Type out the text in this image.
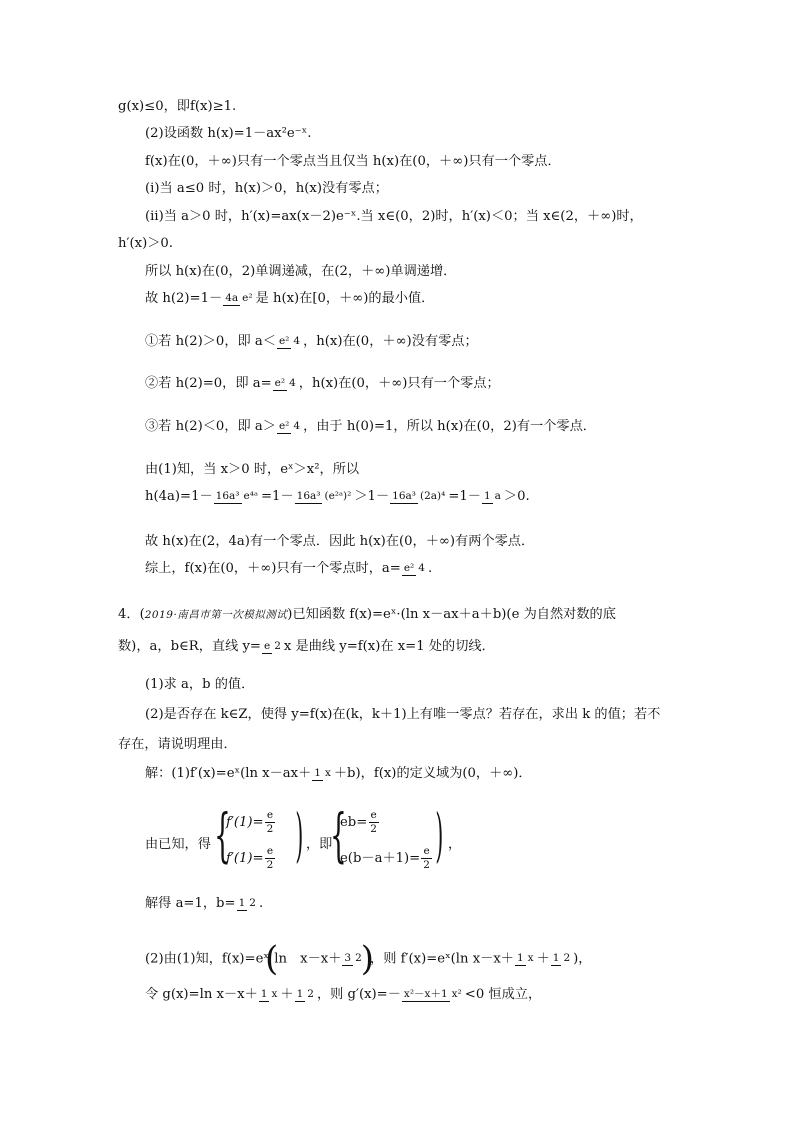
g(x)≤0，即f(x)≥1.
(2)设函数 h(x)=1－ax²e⁻ˣ.
f(x)在(0，＋∞)只有一个零点当且仅当 h(x)在(0，＋∞)只有一个零点．
(ⅰ)当 a≤0 时，h(x)＞0，h(x)没有零点；
(ⅱ)当 a＞0 时，h′(x)=ax(x－2)e⁻ˣ.当 x∈(0，2)时，h′(x)＜0；当 x∈(2，＋∞)时，
h′(x)＞0.
所以 h(x)在(0，2)单调递减，在(2，＋∞)单调递增．
故 h(2)=1－ 4a e² 是 h(x)在[0，＋∞)的最小值．
①若 h(2)＞0，即 a＜ e² 4 ，h(x)在(0，＋∞)没有零点；
②若 h(2)=0，即 a= e² 4 ，h(x)在(0，＋∞)只有一个零点；
③若 h(2)＜0，即 a＞ e² 4 ，由于 h(0)=1，所以 h(x)在(0，2)有一个零点．
由(1)知，当 x＞0 时，eˣ＞x²，所以
h(4a)=1－ 16a³ e⁴ᵃ =1－ 16a³ (e²ᵃ)² ＞1－ 16a³ (2a)⁴ =1－ 1 a ＞0.
故 h(x)在(2，4a)有一个零点．因此 h(x)在(0，＋∞)有两个零点．
综上，f(x)在(0，＋∞)只有一个零点时，a= e² 4 .
4．(2019·南昌市第一次模拟测试)已知函数 f(x)=eˣ·(ln x－ax＋a＋b)(e 为自然对数的底
数)，a，b∈R，直线 y= e 2 x 是曲线 y=f(x)在 x=1 处的切线．
(1)求 a，b 的值．
(2)是否存在 k∈Z，使得 y=f(x)在(k，k＋1)上有唯一零点？若存在，求出 k 的值；若不
存在，请说明理由．
解：(1)f′(x)=eˣ(ln x－ax＋ 1 x ＋b)，f(x)的定义域为(0，＋∞)．
由已知，得 {
$f'(1)= \frac{e}{2}$
$f'(1)= \frac{e}{2}$ ) ，即
{
$eb= \frac{e}{2}$
$e(b-a+1)= \frac{e}{2}$ ) ，
解得 a=1，b= 1 2 .
(2)由(1)知，f(x)=eˣ(ln　x－x＋ 3 2)，则 f′(x)=eˣ(ln x－x＋ 1 x ＋ 1 2 )，
令 g(x)=ln x－x＋ 1 x ＋ 1 2 ，则 g′(x)=－ x²－x＋1 x² <0 恒成立，
